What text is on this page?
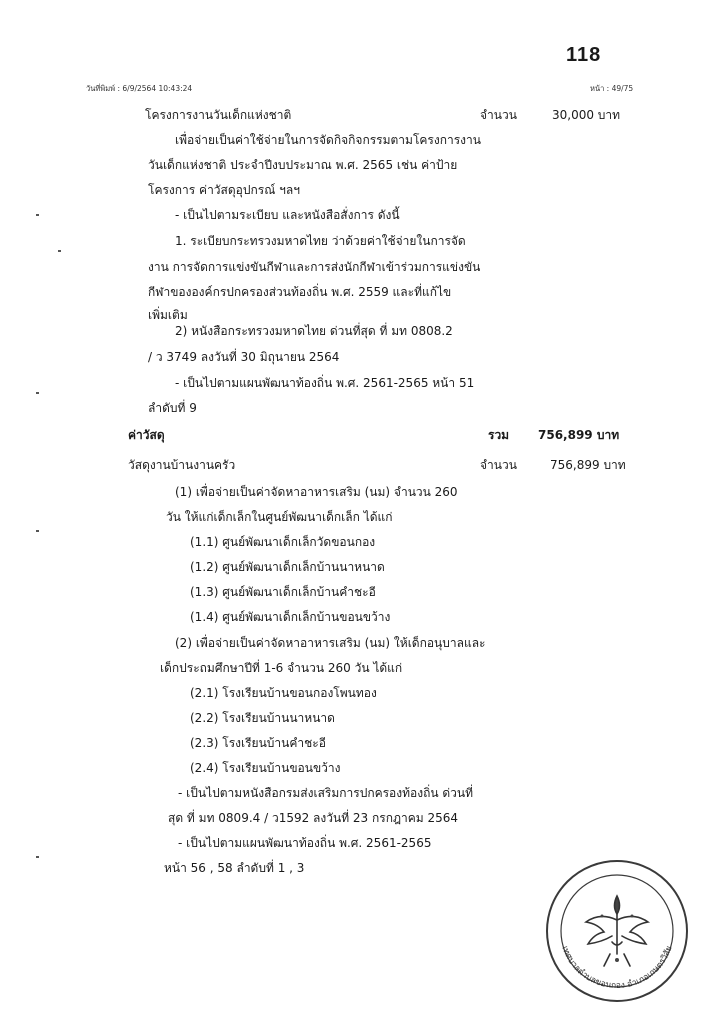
118
วันที่พิมพ์ : 6/9/2564 10:43:24	หน้า : 49/75
โครงการงานวันเด็กแห่งชาติ	จำนวน	30,000 บาท
เพื่อจ่ายเป็นค่าใช้จ่ายในการจัดกิจกิจกรรมตามโครงการงาน
วันเด็กแห่งชาติ ประจำปีงบประมาณ พ.ศ. 2565 เช่น ค่าป้าย
โครงการ ค่าวัสดุอุปกรณ์ ฯลฯ
- เป็นไปตามระเบียบ และหนังสือสั่งการ ดังนี้
1. ระเบียบกระทรวงมหาดไทย ว่าด้วยค่าใช้จ่ายในการจัด
งาน การจัดการแข่งขันกีฬาและการส่งนักกีฬาเข้าร่วมการแข่งขัน
กีฬาขององค์กรปกครองส่วนท้องถิ่น พ.ศ. 2559 และที่แก้ไข
เพิ่มเติม
2) หนังสือกระทรวงมหาดไทย ด่วนที่สุด ที่ มท 0808.2
/ ว 3749 ลงวันที่ 30 มิถุนายน 2564
- เป็นไปตามแผนพัฒนาท้องถิ่น พ.ศ. 2561-2565 หน้า 51
ลำดับที่ 9
ค่าวัสดุ	รวม 756,899 บาท
วัสดุงานบ้านงานครัว	จำนวน	756,899 บาท
(1) เพื่อจ่ายเป็นค่าจัดหาอาหารเสริม (นม) จำนวน 260
วัน ให้แก่เด็กเล็กในศูนย์พัฒนาเด็กเล็ก ได้แก่
(1.1) ศูนย์พัฒนาเด็กเล็กวัดขอนกอง
(1.2) ศูนย์พัฒนาเด็กเล็กบ้านนาหนาด
(1.3) ศูนย์พัฒนาเด็กเล็กบ้านคำชะอี
(1.4) ศูนย์พัฒนาเด็กเล็กบ้านขอนขว้าง
(2) เพื่อจ่ายเป็นค่าจัดหาอาหารเสริม (นม) ให้เด็กอนุบาลและ
เด็กประถมศึกษาปีที่ 1-6 จำนวน 260 วัน ได้แก่
(2.1) โรงเรียนบ้านขอนกองโพนทอง
(2.2) โรงเรียนบ้านนาหนาด
(2.3) โรงเรียนบ้านคำชะอี
(2.4) โรงเรียนบ้านขอนขว้าง
- เป็นไปตามหนังสือกรมส่งเสริมการปกครองท้องถิ่น ด่วนที่
สุด ที่ มท 0809.4 / ว1592 ลงวันที่ 23 กรกฎาคม 2564
- เป็นไปตามแผนพัฒนาท้องถิ่น พ.ศ. 2561-2565
หน้า 56 , 58 ลำดับที่ 1 , 3
เทศบาลตำบลขอนกอง อำเภอเกษตรวิสัย
